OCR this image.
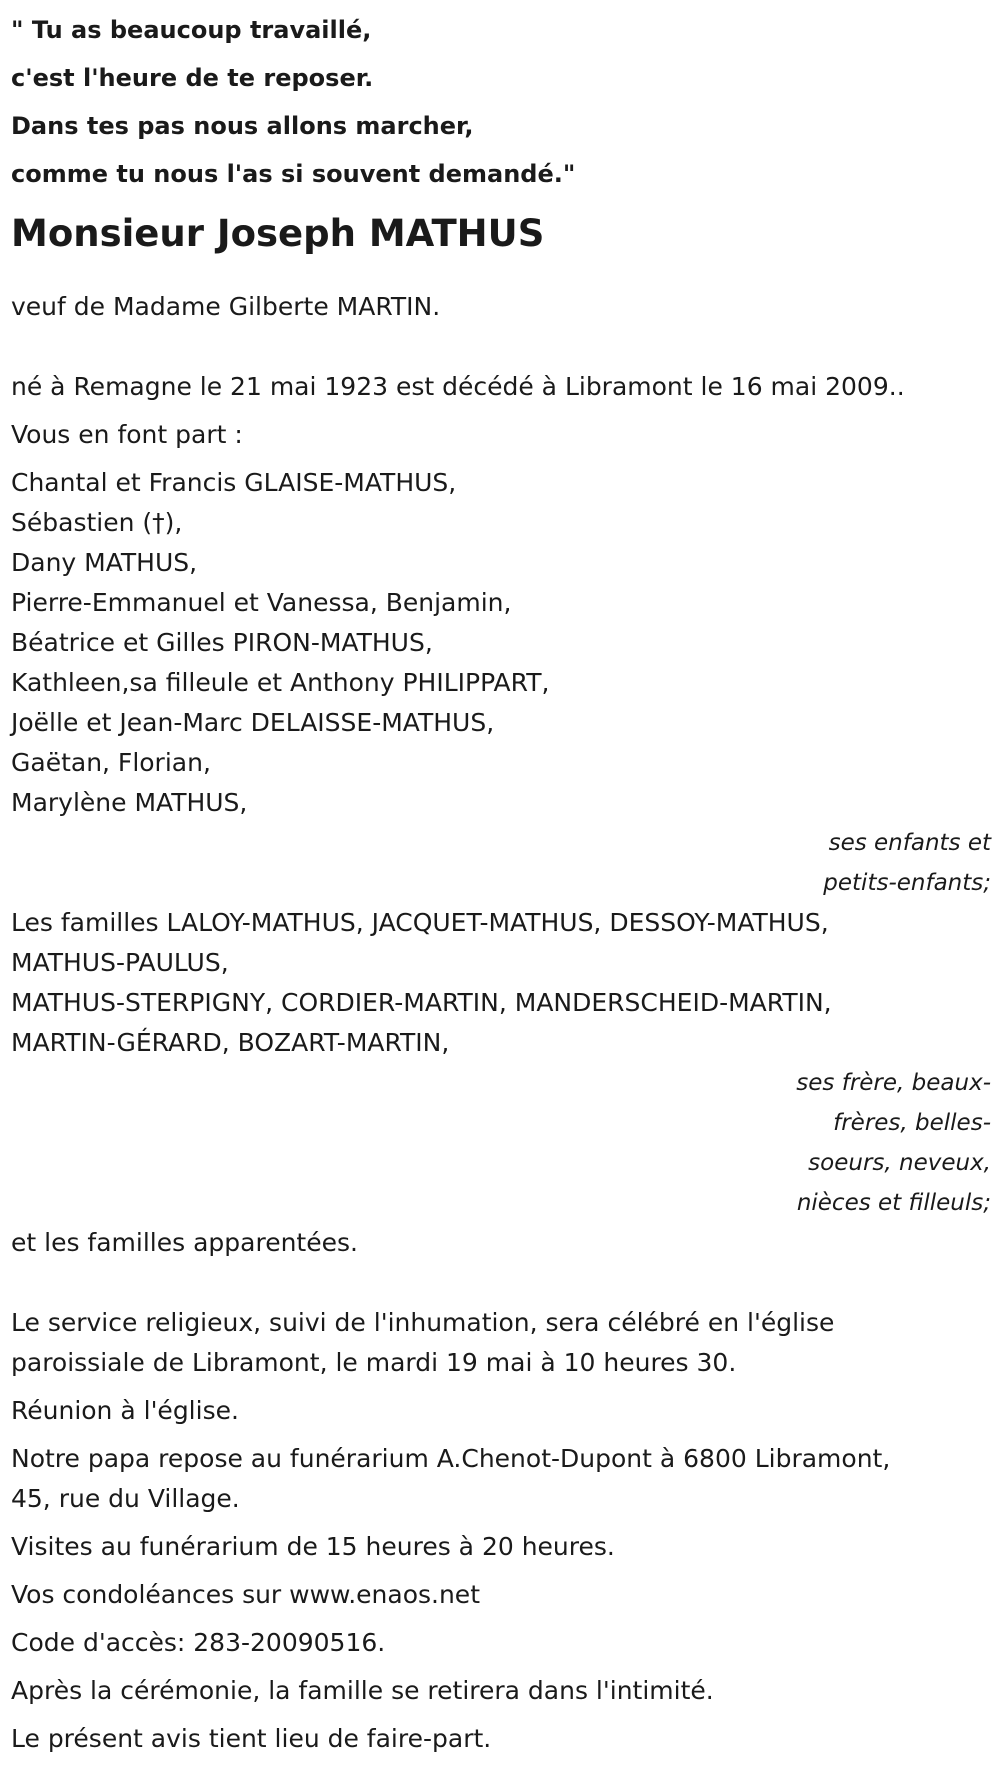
" Tu as beaucoup travaillé,

c'est l'heure de te reposer.

Dans tes pas nous allons marcher,

comme tu nous l'as si souvent demandé."

Monsieur Joseph MATHUS

veuf de Madame Gilberte MARTIN.

né à Remagne le 21 mai 1923 est décédé à Libramont le 16 mai 2009..

Vous en font part :

Chantal et Francis GLAISE-MATHUS,

Sébastien (†),

Dany MATHUS,

Pierre-Emmanuel et Vanessa, Benjamin,

Béatrice et Gilles PIRON-MATHUS,

Kathleen,sa filleule et Anthony PHILIPPART,

Joëlle et Jean-Marc DELAISSE-MATHUS,

Gaëtan, Florian,

Marylène MATHUS,

ses enfants et

petits-enfants;

Les familles LALOY-MATHUS, JACQUET-MATHUS, DESSOY-MATHUS,

MATHUS-PAULUS,

MATHUS-STERPIGNY, CORDIER-MARTIN, MANDERSCHEID-MARTIN,

MARTIN-GÉRARD, BOZART-MARTIN,

ses frère, beaux-

frères, belles-

soeurs, neveux,

nièces et filleuls;

et les familles apparentées.

Le service religieux, suivi de l'inhumation, sera célébré en l'église

paroissiale de Libramont, le mardi 19 mai à 10 heures 30.

Réunion à l'église.

Notre papa repose au funérarium A.Chenot-Dupont à 6800 Libramont,

45, rue du Village.

Visites au funérarium de 15 heures à 20 heures.

Vos condoléances sur www.enaos.net

Code d'accès: 283-20090516.

Après la cérémonie, la famille se retirera dans l'intimité.

Le présent avis tient lieu de faire-part.
